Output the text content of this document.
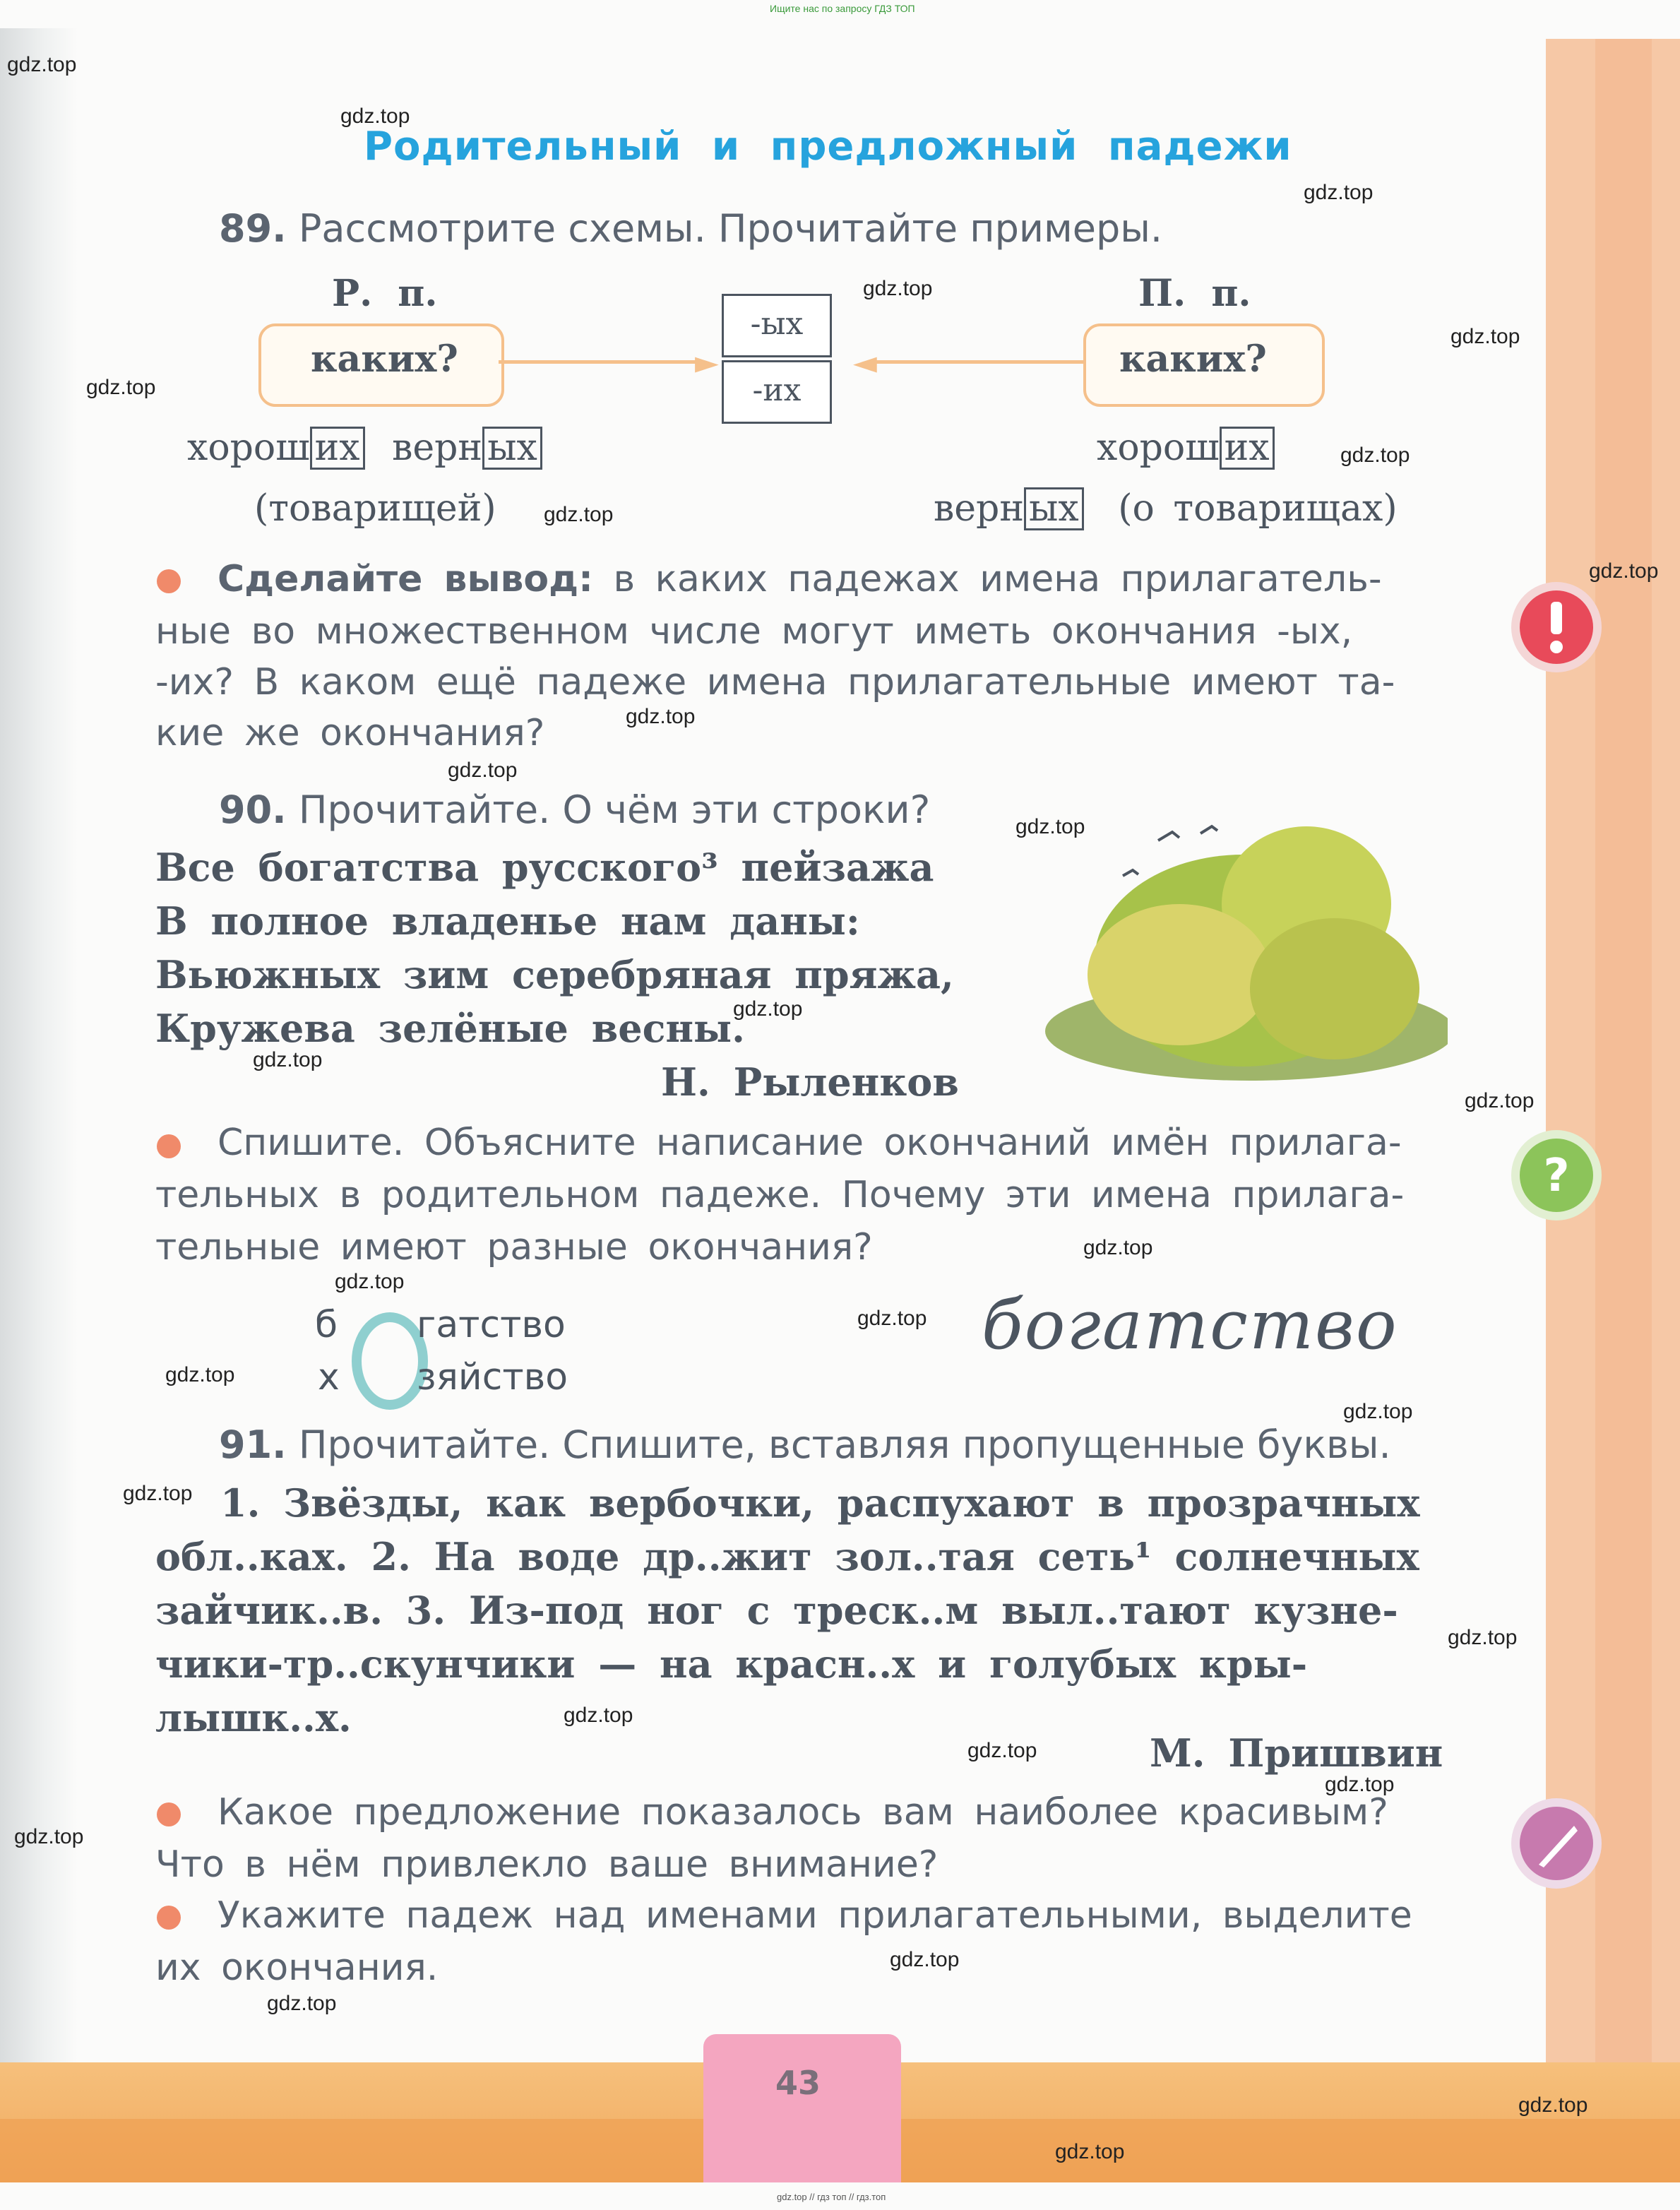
Ищите нас по запросу ГДЗ ТОП
Родительный и предложный падежи
89. Рассмотрите схемы. Прочитайте примеры.
Р. п.	П. п.
каких?	каких?
►	◄
-ых
-их
хорош их верн ых
(товарищей)
хорош их
верн ых (о товарищах)
Сделайте вывод: в каких падежах имена прилагатель-
ные во множественном числе могут иметь окончания -ых,
-их? В каком ещё падеже имена прилагательные имеют та-
кие же окончания?
90. Прочитайте. О чём эти строки?
Все богатства русского³ пейзажа
В полное владенье нам даны:
Вьюжных зим серебряная пряжа,
Кружева зелёные весны.
Н. Рыленков
Спишите. Объясните написание окончаний имён прилага-
тельных в родительном падеже. Почему эти имена прилага-
тельные имеют разные окончания?
б гатство
х зяйство
богатство
91. Прочитайте. Спишите, вставляя пропущенные буквы.
1. Звёзды, как вербочки, распухают в прозрачных
обл..ках. 2. На воде др..жит зол..тая сеть¹ солнечных
зайчик..в. 3. Из-под ног с треск..м выл..тают кузне-
чики-тр..скунчики — на красн..х и голубых кры-
лышк..х.
М. Пришвин
Какое предложение показалось вам наиболее красивым?
Что в нём привлекло ваше внимание?
Укажите падеж над именами прилагательными, выделите
их окончания.
?
43
gdz.top
gdz.top
gdz.top
gdz.top
gdz.top
gdz.top
gdz.top
gdz.top
gdz.top
gdz.top
gdz.top
gdz.top
gdz.top
gdz.top
gdz.top
gdz.top
gdz.top
gdz.top
gdz.top
gdz.top
gdz.top
gdz.top
gdz.top
gdz.top
gdz.top
gdz.top
gdz.top
gdz.top
gdz.top
gdz.top
gdz.top // гдз топ // гдз.топ
